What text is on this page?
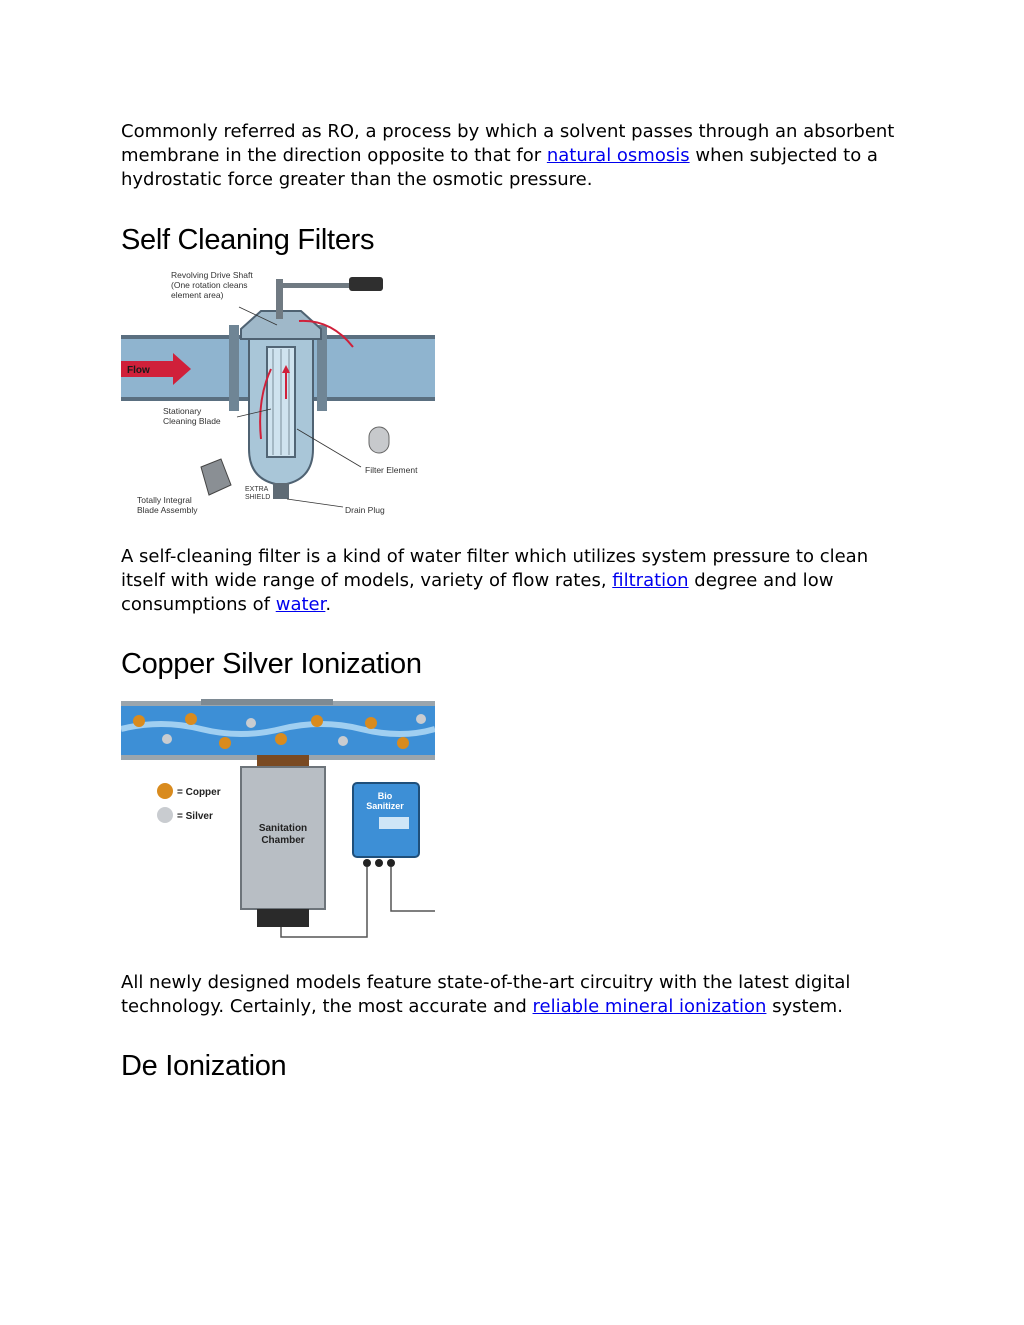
Commonly referred as RO, a process by which a solvent passes through an absorbent membrane in the direction opposite to that for natural osmosis when subjected to a hydrostatic force greater than the osmotic pressure.

Self Cleaning Filters
Flow
Revolving Drive Shaft
(One rotation cleans
element area)
Stationary
Cleaning Blade
Filter Element
EXTRA
SHIELD
Totally Integral
Blade Assembly	Drain Plug

A self-cleaning filter is a kind of water filter which utilizes system pressure to clean itself with wide range of models, variety of flow rates, filtration degree and low consumptions of water.

Copper Silver Ionization
Sanitation
Chamber
= Copper
= Silver
Bio
Sanitizer

All newly designed models feature state-of-the-art circuitry with the latest digital technology. Certainly, the most accurate and reliable mineral ionization system.

De Ionization
